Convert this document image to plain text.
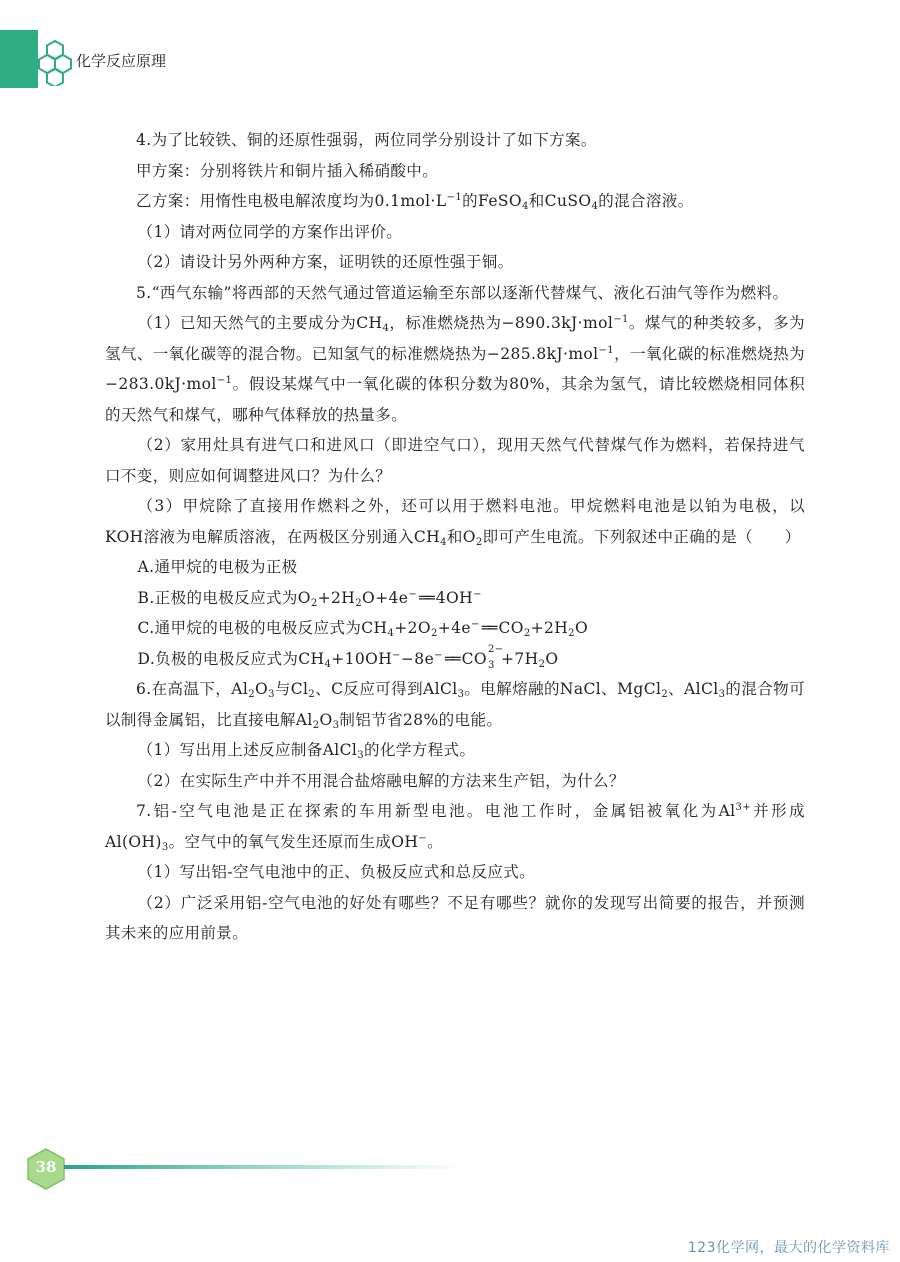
化学反应原理

4.为了比较铁、铜的还原性强弱，两位同学分别设计了如下方案。

甲方案：分别将铁片和铜片插入稀硝酸中。

乙方案：用惰性电极电解浓度均为$0.1mol\cdot L^{-1}$的FeSO$_4$和CuSO$_4$的混合溶液。

（1）请对两位同学的方案作出评价。

（2）请设计另外两种方案，证明铁的还原性强于铜。

5.“西气东输”将西部的天然气通过管道运输至东部以逐渐代替煤气、液化石油气等作为燃料。

（1）已知天然气的主要成分为$CH_4$，标准燃烧热为−890.3kJ·mol$^{-1}$。煤气的种类较多，多为氢气、一氧化碳等的混合物。已知氢气的标准燃烧热为−285.8kJ·mol$^{-1}$，一氧化碳的标准燃烧热为−283.0kJ·mol$^{-1}$。假设某煤气中一氧化碳的体积分数为80%，其余为氢气，请比较燃烧相同体积的天然气和煤气，哪种气体释放的热量多。

（2）家用灶具有进气口和进风口（即进空气口），现用天然气代替煤气作为燃料，若保持进气口不变，则应如何调整进风口？为什么？

（3）甲烷除了直接用作燃料之外，还可以用于燃料电池。甲烷燃料电池是以铂为电极，以KOH溶液为电解质溶液，在两极区分别通入$CH_4$和$O_2$即可产生电流。下列叙述中正确的是（　　）

A.通甲烷的电极为正极

B.正极的电极反应式为$O_2+2H_2O+4e^-$ ══ 4OH−

C.通甲烷的电极的电极反应式为$CH_4+2O_2+4e^-$ ══ $CO_2+2H_2O$

D.负极的电极反应式为$CH_4+10OH^--8e^-$ ══ CO
2−
$3 +7H_2O$

6.在高温下，$Al_2O_3$与$Cl_2$、C反应可得到AlCl$_3$。电解熔融的NaCl、MgCl$_2$、AlCl$_3$的混合物可以制得金属铝，比直接电解$Al_2O_3$制铝节省28%的电能。

（1）写出用上述反应制备AlCl$_3$的化学方程式。

（2）在实际生产中并不用混合盐熔融电解的方法来生产铝，为什么？

7.铝-空气电池是正在探索的车用新型电池。电池工作时，金属铝被氧化为$Al^{3+}$并形成$Al(OH)_3$。空气中的氧气发生还原而生成OH−。

（1）写出铝-空气电池中的正、负极反应式和总反应式。

（2）广泛采用铝-空气电池的好处有哪些？不足有哪些？就你的发现写出简要的报告，并预测其未来的应用前景。

38
123化学网，最大的化学资料库
